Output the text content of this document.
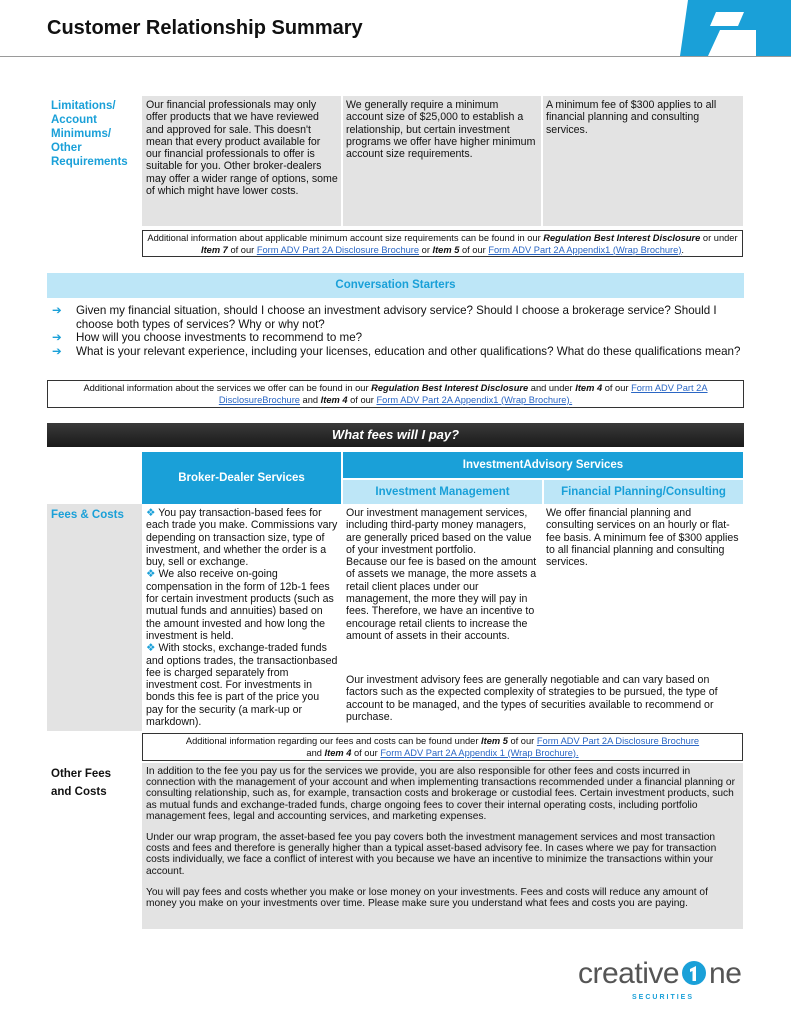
Customer Relationship Summary
Limitations/
Account
Minimums/
Other
Requirements

Our financial professionals may only offer products that we have reviewed and approved for sale. This doesn't mean that every product available for our financial professionals to offer is suitable for you. Other broker-dealers may offer a wider range of options, some of which might have lower costs.

We generally require a minimum account size of $25,000 to establish a relationship, but certain investment programs we offer have higher minimum account size requirements.

A minimum fee of $300 applies to all financial planning and consulting services.

Additional information about applicable minimum account size requirements can be found in our Regulation Best Interest Disclosure or under Item 7 of our Form ADV Part 2A Disclosure Brochure or Item 5 of our Form ADV Part 2A Appendix1 (Wrap Brochure).
Conversation Starters
➔ Given my financial situation, should I choose an investment advisory service? Should I choose a brokerage service? Should I choose both types of services? Why or why not?
➔ How will you choose investments to recommend to me?
➔ What is your relevant experience, including your licenses, education and other qualifications? What do these qualifications mean?
Additional information about the services we offer can be found in our Regulation Best Interest Disclosure and under Item 4 of our Form ADV Part 2A DisclosureBrochure and Item 4 of our Form ADV Part 2A Appendix1 (Wrap Brochure).
What fees will I pay?
Broker-Dealer Services
InvestmentAdvisory Services
Investment Management	Financial Planning/Consulting
Fees & Costs ❖ You pay transaction-based fees for each trade you make. Commissions vary depending on transaction size, type of investment, and whether the order is a buy, sell or exchange.

❖ We also receive on-going compensation in the form of 12b-1 fees for certain investment products (such as mutual funds and annuities) based on the amount invested and how long the investment is held.

❖ With stocks, exchange-traded funds and options trades, the transactionbased fee is charged separately from investment cost. For investments in bonds this fee is part of the price you pay for the security (a mark-up or markdown).

Our investment management services, including third-party money managers, are generally priced based on the value of your investment portfolio.

Because our fee is based on the amount of assets we manage, the more assets a retail client places under our management, the more they will pay in fees. Therefore, we have an incentive to encourage retail clients to increase the amount of assets in their accounts.

We offer financial planning and consulting services on an hourly or flat-fee basis. A minimum fee of $300 applies to all financial planning and consulting services.

Our investment advisory fees are generally negotiable and can vary based on factors such as the expected complexity of strategies to be pursued, the type of account to be managed, and the types of securities available to recommend or purchase.

Additional information regarding our fees and costs can be found under Item 5 of our Form ADV Part 2A Disclosure Brochure
and Item 4 of our Form ADV Part 2A Appendix 1 (Wrap Brochure).
Other Fees
and Costs

In addition to the fee you pay us for the services we provide, you are also responsible for other fees and costs incurred in connection with the management of your account and when implementing transactions recommended under a financial planning or consulting relationship, such as, for example, transaction costs and brokerage or custodial fees. Certain investment products, such as mutual funds and exchange-traded funds, charge ongoing fees to cover their internal operating costs, including portfolio management fees, legal and accounting services, and marketing expenses.

Under our wrap program, the asset-based fee you pay covers both the investment management services and most transaction costs and fees and therefore is generally higher than a typical asset-based advisory fee. In cases where we pay for transaction costs individually, we face a conflict of interest with you because we have an incentive to minimize the transactions within your account.

You will pay fees and costs whether you make or lose money on your investments. Fees and costs will reduce any amount of money you make on your investments over time. Please make sure you understand what fees and costs you are paying.

creative ne
SECURITIES
